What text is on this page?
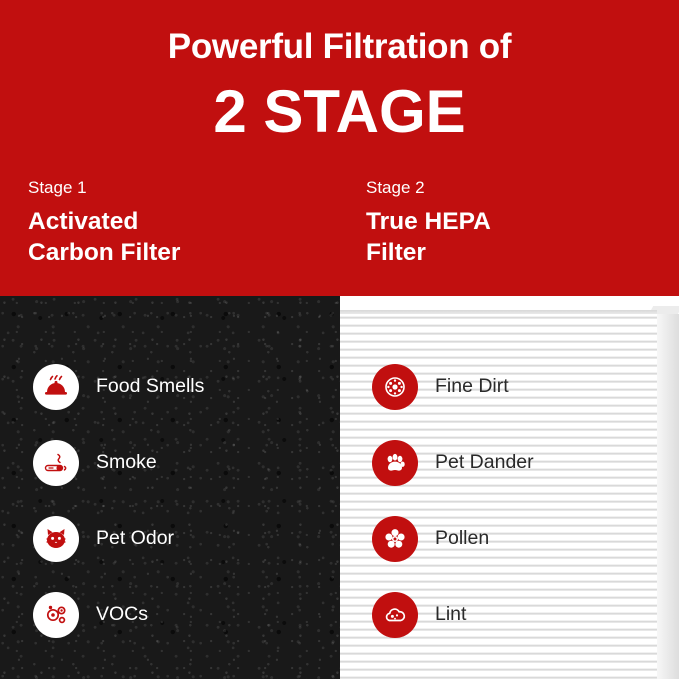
Powerful Filtration of
2 STAGE
Stage 1
Activated
Carbon Filter
Stage 2
True HEPA
Filter
Food Smells
Smoke
Pet Odor
VOCs
Fine Dirt
Pet Dander
Pollen
Lint
